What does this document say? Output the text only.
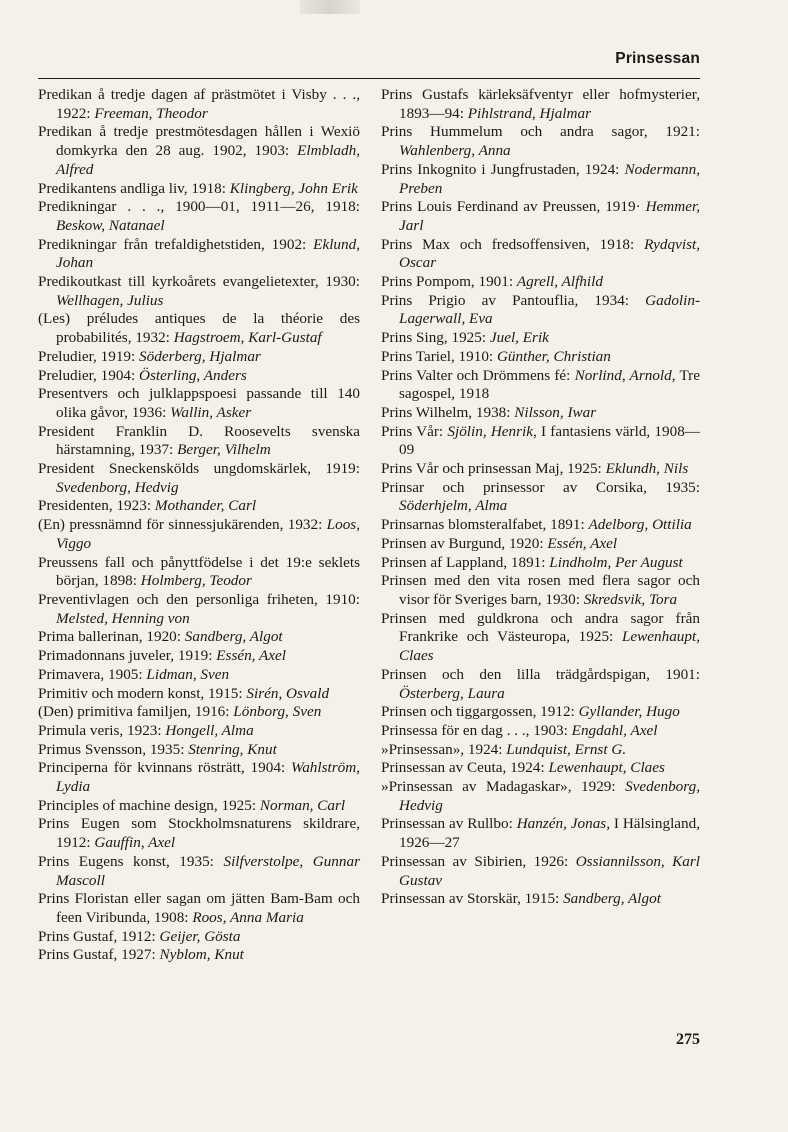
Prinsessan

Predikan å tredje dagen af prästmötet i Visby . . ., 1922: Freeman, Theodor

Predikan å tredje prestmötesdagen hållen i Wexiö domkyrka den 28 aug. 1902, 1903: Elmbladh, Alfred

Predikantens andliga liv, 1918: Klingberg, John Erik

Predikningar . . ., 1900—01, 1911—26, 1918: Beskow, Natanael

Predikningar från trefaldighetstiden, 1902: Eklund, Johan

Predikoutkast till kyrkoårets evangelietexter, 1930: Wellhagen, Julius

(Les) préludes antiques de la théorie des probabilités, 1932: Hagstroem, Karl-Gustaf

Preludier, 1919: Söderberg, Hjalmar

Preludier, 1904: Österling, Anders

Presentvers och julklappspoesi passande till 140 olika gåvor, 1936: Wallin, Asker

President Franklin D. Roosevelts svenska härstamning, 1937: Berger, Vilhelm

President Sneckenskölds ungdomskärlek, 1919: Svedenborg, Hedvig

Presidenten, 1923: Mothander, Carl

(En) pressnämnd för sinnessjukärenden, 1932: Loos, Viggo

Preussens fall och pånyttfödelse i det 19:e seklets början, 1898: Holmberg, Teodor

Preventivlagen och den personliga friheten, 1910: Melsted, Henning von

Prima ballerinan, 1920: Sandberg, Algot

Primadonnans juveler, 1919: Essén, Axel

Primavera, 1905: Lidman, Sven

Primitiv och modern konst, 1915: Sirén, Osvald

(Den) primitiva familjen, 1916: Lönborg, Sven

Primula veris, 1923: Hongell, Alma

Primus Svensson, 1935: Stenring, Knut

Principerna för kvinnans rösträtt, 1904: Wahlström, Lydia

Principles of machine design, 1925: Norman, Carl

Prins Eugen som Stockholmsnaturens skildrare, 1912: Gauffin, Axel

Prins Eugens konst, 1935: Silfverstolpe, Gunnar Mascoll

Prins Floristan eller sagan om jätten Bam-Bam och feen Viribunda, 1908: Roos, Anna Maria

Prins Gustaf, 1912: Geijer, Gösta

Prins Gustaf, 1927: Nyblom, Knut

Prins Gustafs kärleksäfventyr eller hofmysterier, 1893—94: Pihlstrand, Hjalmar

Prins Hummelum och andra sagor, 1921: Wahlenberg, Anna

Prins Inkognito i Jungfrustaden, 1924: Nodermann, Preben

Prins Louis Ferdinand av Preussen, 1919· Hemmer, Jarl

Prins Max och fredsoffensiven, 1918: Rydqvist, Oscar

Prins Pompom, 1901: Agrell, Alfhild

Prins Prigio av Pantouflia, 1934: Gadolin-Lagerwall, Eva

Prins Sing, 1925: Juel, Erik

Prins Tariel, 1910: Günther, Christian

Prins Valter och Drömmens fé: Norlind, Arnold, Tre sagospel, 1918

Prins Wilhelm, 1938: Nilsson, Iwar

Prins Vår: Sjölin, Henrik, I fantasiens värld, 1908—09

Prins Vår och prinsessan Maj, 1925: Eklundh, Nils

Prinsar och prinsessor av Corsika, 1935: Söderhjelm, Alma

Prinsarnas blomsteralfabet, 1891: Adelborg, Ottilia

Prinsen av Burgund, 1920: Essén, Axel

Prinsen af Lappland, 1891: Lindholm, Per August

Prinsen med den vita rosen med flera sagor och visor för Sveriges barn, 1930: Skredsvik, Tora

Prinsen med guldkrona och andra sagor från Frankrike och Västeuropa, 1925: Lewenhaupt, Claes

Prinsen och den lilla trädgårdspigan, 1901: Österberg, Laura

Prinsen och tiggargossen, 1912: Gyllander, Hugo

Prinsessa för en dag . . ., 1903: Engdahl, Axel

»Prinsessan», 1924: Lundquist, Ernst G.

Prinsessan av Ceuta, 1924: Lewenhaupt, Claes

»Prinsessan av Madagaskar», 1929: Svedenborg, Hedvig

Prinsessan av Rullbo: Hanzén, Jonas, I Hälsingland, 1926—27

Prinsessan av Sibirien, 1926: Ossiannilsson, Karl Gustav

Prinsessan av Storskär, 1915: Sandberg, Algot

275
